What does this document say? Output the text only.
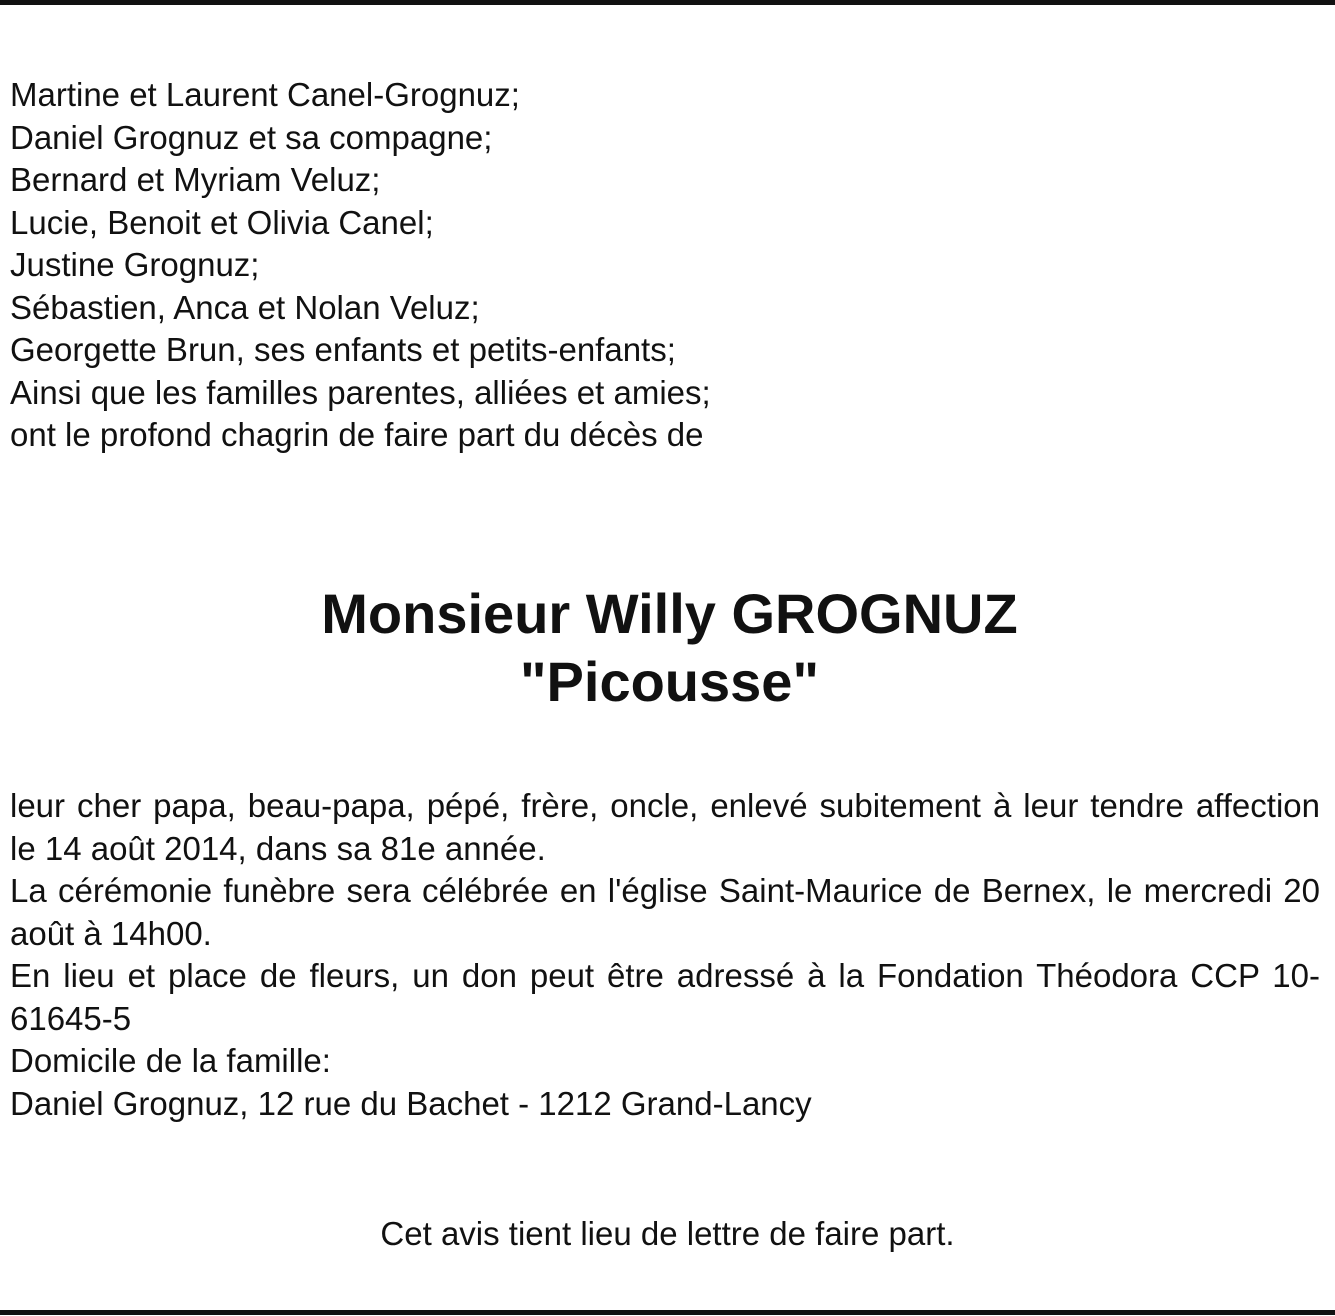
Martine et Laurent Canel-Grognuz;
Daniel Grognuz et sa compagne;
Bernard et Myriam Veluz;
Lucie, Benoit et Olivia Canel;
Justine Grognuz;
Sébastien, Anca et Nolan Veluz;
Georgette Brun, ses enfants et petits-enfants;
Ainsi que les familles parentes, alliées et amies;
ont le profond chagrin de faire part du décès de
Monsieur Willy GROGNUZ
"Picousse"

leur cher papa, beau-papa, pépé, frère, oncle, enlevé subitement à leur tendre affection le 14 août 2014, dans sa 81e année.

La cérémonie funèbre sera célébrée en l'église Saint-Maurice de Bernex, le mercredi 20 août à 14h00.

En lieu et place de fleurs, un don peut être adressé à la Fondation Théodora CCP 10-61645-5

Domicile de la famille:
Daniel Grognuz, 12 rue du Bachet - 1212 Grand-Lancy
Cet avis tient lieu de lettre de faire part.
